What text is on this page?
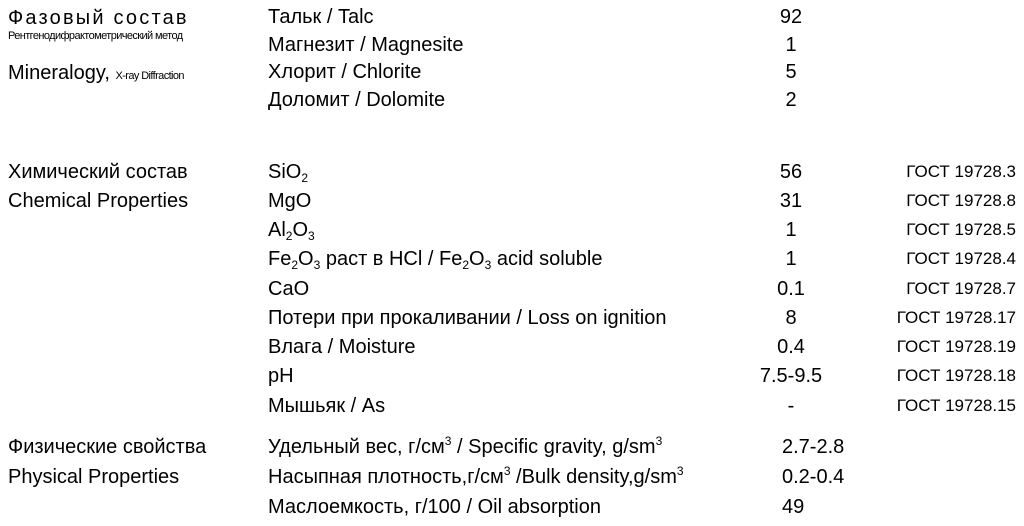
Фазовый состав
Рентгенодифрактометрический метод
Mineralogy, X-ray Diffraction
Химический состав
Chemical Properties
Физические свойства
Physical Properties
Тальк / Talc	92
Магнезит / Magnesite	1
Хлорит / Chlorite	5
Доломит / Dolomite	2
SiO$_2$	56	ГОСТ 19728.3
MgO	31	ГОСТ 19728.8
$Al_2O_3$	1	ГОСТ 19728.5
$Fe_2O_3$ раст в HCl / $Fe_2O_3$ acid soluble	1	ГОСТ 19728.4
CaO	0.1	ГОСТ 19728.7
Потери при прокаливании / Loss on ignition	8	ГОСТ 19728.17
Влага / Moisture	0.4	ГОСТ 19728.19
pH	7.5-9.5	ГОСТ 19728.18
Мышьяк / As	-	ГОСТ 19728.15
Удельный вес, $г/см^3$ / Specific gravity, $g/sm^3$	2.7-2.8
Насыпная $плотность,г/см^3$ /Bulk $density,g/sm^3$	0.2-0.4
Маслоемкость, г/100 / Oil absorption	49
